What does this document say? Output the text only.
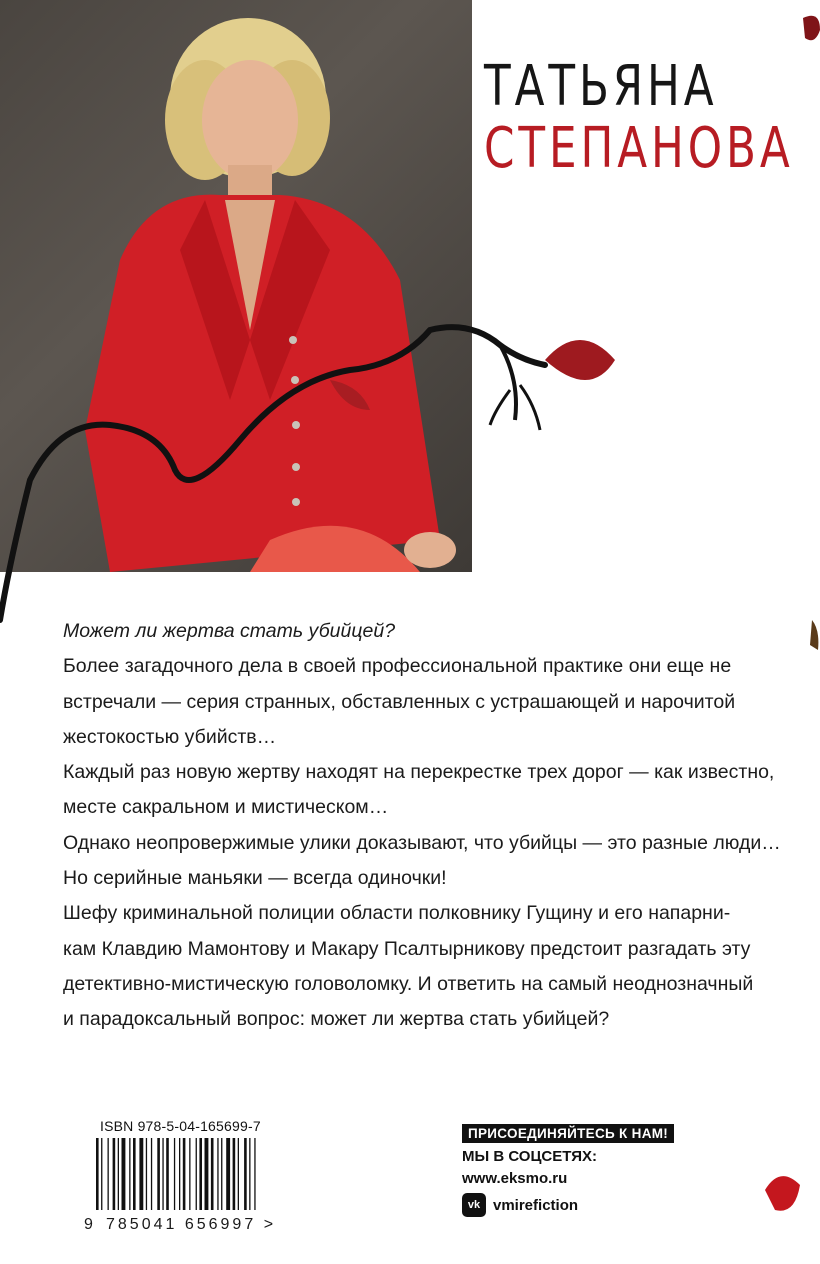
ТАТЬЯНА
СТЕПАНОВА

Может ли жертва стать убийцей?

Более загадочного дела в своей профессиональной практике они еще не

встречали — серия странных, обставленных с устрашающей и нарочитой

жестокостью убийств…

Каждый раз новую жертву находят на перекрестке трех дорог — как известно,

месте сакральном и мистическом…

Однако неопровержимые улики доказывают, что убийцы — это разные люди…

Но серийные маньяки — всегда одиночки!

Шефу криминальной полиции области полковнику Гущину и его напарни-

кам Клавдию Мамонтову и Макару Псалтырникову предстоит разгадать эту

детективно-мистическую головоломку. И ответить на самый неоднозначный

и парадоксальный вопрос: может ли жертва стать убийцей?

ISBN 978-5-04-165699-7
9 785041 656997 >
ПРИСОЕДИНЯЙТЕСЬ К НАМ!
МЫ В СОЦСЕТЯХ:
www.eksmo.ru
vk vmirefiction
